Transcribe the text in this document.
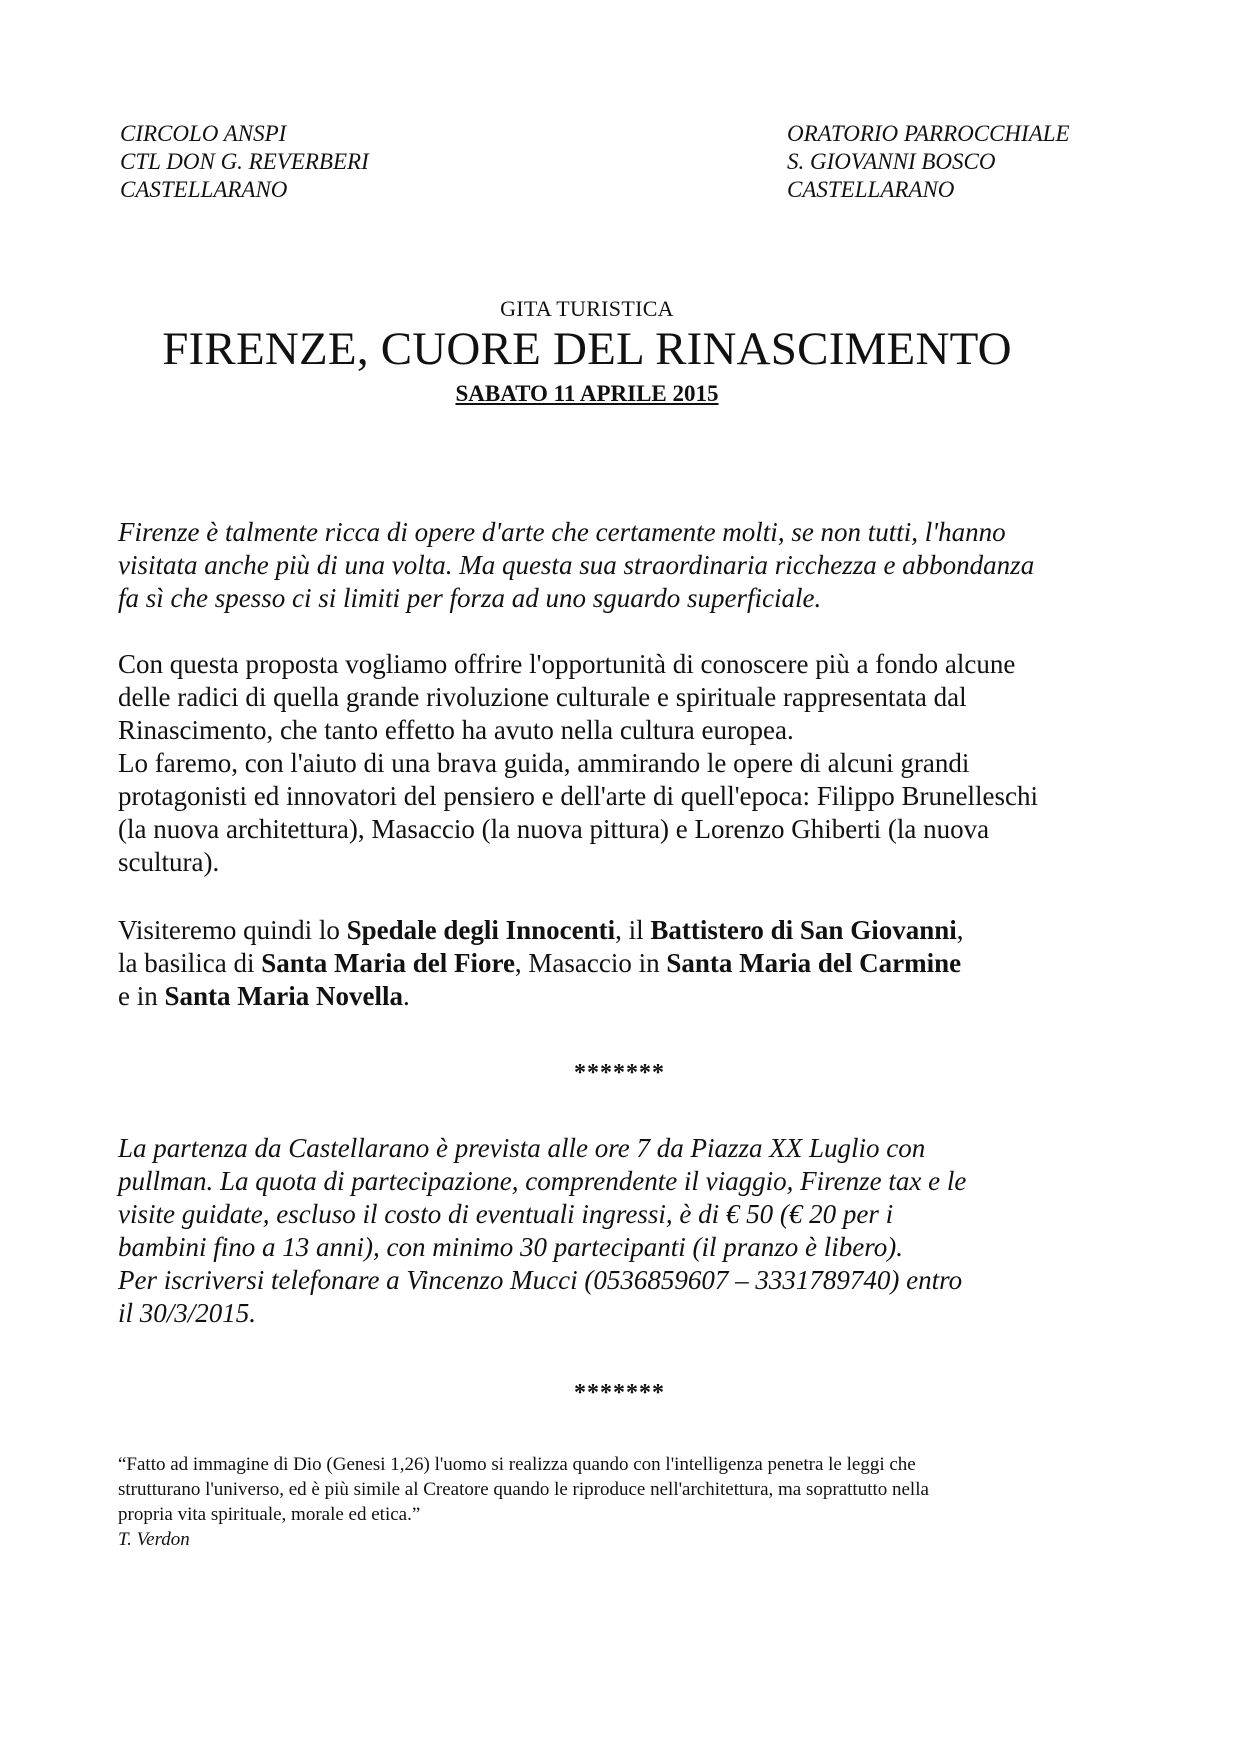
CIRCOLO ANSPI
CTL DON G. REVERBERI
CASTELLARANO
ORATORIO PARROCCHIALE
S. GIOVANNI BOSCO
CASTELLARANO
GITA TURISTICA
FIRENZE, CUORE DEL RINASCIMENTO
SABATO 11 APRILE 2015
Firenze è talmente ricca di opere d'arte che certamente molti, se non tutti, l'hanno
visitata anche più di una volta. Ma questa sua straordinaria ricchezza e abbondanza
fa sì che spesso ci si limiti per forza ad uno sguardo superficiale.
Con questa proposta vogliamo offrire l'opportunità di conoscere più a fondo alcune
delle radici di quella grande rivoluzione culturale e spirituale rappresentata dal
Rinascimento, che tanto effetto ha avuto nella cultura europea.
Lo faremo, con l'aiuto di una brava guida, ammirando le opere di alcuni grandi
protagonisti ed innovatori del pensiero e dell'arte di quell'epoca: Filippo Brunelleschi
(la nuova architettura), Masaccio (la nuova pittura) e Lorenzo Ghiberti (la nuova
scultura).
Visiteremo quindi lo Spedale degli Innocenti, il Battistero di San Giovanni,
la basilica di Santa Maria del Fiore, Masaccio in Santa Maria del Carmine
e in Santa Maria Novella.
*******
La partenza da Castellarano è prevista alle ore 7 da Piazza XX Luglio con
pullman. La quota di partecipazione, comprendente il viaggio, Firenze tax e le
visite guidate, escluso il costo di eventuali ingressi, è di € 50 (€ 20 per i
bambini fino a 13 anni), con minimo 30 partecipanti (il pranzo è libero).
Per iscriversi telefonare a Vincenzo Mucci (0536859607 – 3331789740) entro
il 30/3/2015.
*******
“Fatto ad immagine di Dio (Genesi 1,26) l'uomo si realizza quando con l'intelligenza penetra le leggi che
strutturano l'universo, ed è più simile al Creatore quando le riproduce nell'architettura, ma soprattutto nella
propria vita spirituale, morale ed etica.”
T. Verdon
